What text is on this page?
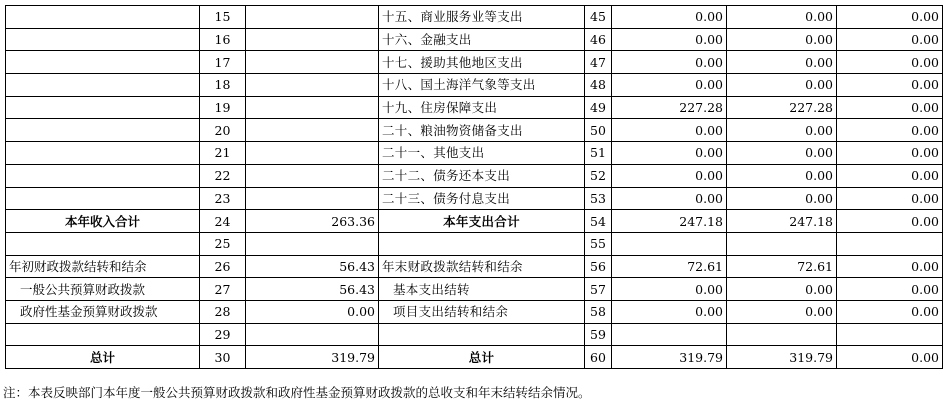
	15		十五、商业服务业等支出	45	0.00	0.00	0.00
	16		十六、金融支出	46	0.00	0.00	0.00
	17		十七、援助其他地区支出	47	0.00	0.00	0.00
	18		十八、国土海洋气象等支出	48	0.00	0.00	0.00
	19		十九、住房保障支出	49	227.28	227.28	0.00
	20		二十、粮油物资储备支出	50	0.00	0.00	0.00
	21		二十一、其他支出	51	0.00	0.00	0.00
	22		二十二、债务还本支出	52	0.00	0.00	0.00
	23		二十三、债务付息支出	53	0.00	0.00	0.00
本年收入合计	24	263.36	本年支出合计	54	247.18	247.18	0.00
	25			55			
年初财政拨款结转和结余	26	56.43	年末财政拨款结转和结余	56	72.61	72.61	0.00
一般公共预算财政拨款	27	56.43	基本支出结转	57	0.00	0.00	0.00
政府性基金预算财政拨款	28	0.00	项目支出结转和结余	58	0.00	0.00	0.00
	29			59			
总计	30	319.79	总计	60	319.79	319.79	0.00
注：本表反映部门本年度一般公共预算财政拨款和政府性基金预算财政拨款的总收支和年末结转结余情况。
